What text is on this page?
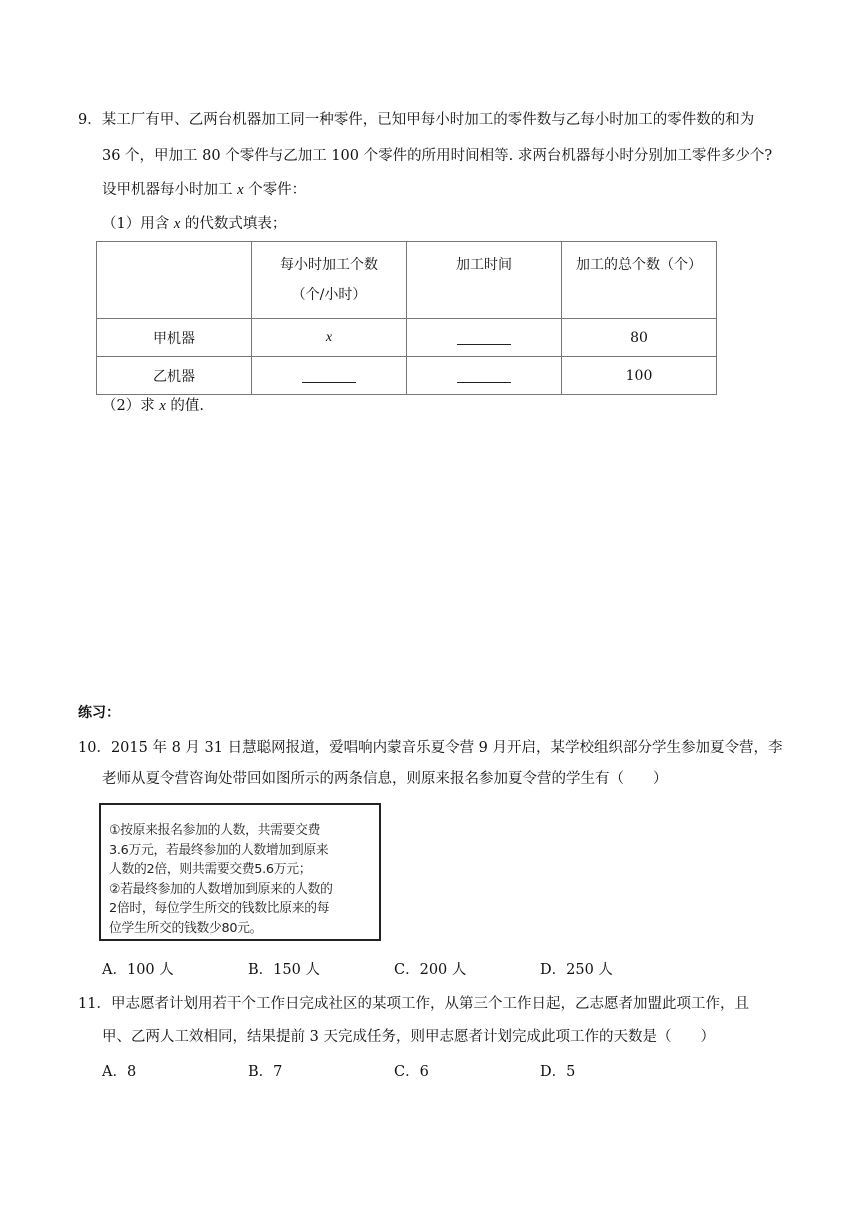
9．某工厂有甲、乙两台机器加工同一种零件，已知甲每小时加工的零件数与乙每小时加工的零件数的和为
36 个，甲加工 80 个零件与乙加工 100 个零件的所用时间相等. 求两台机器每小时分别加工零件多少个?
设甲机器每小时加工 x 个零件：
（1）用含 x 的代数式填表；

	每小时加工个数
（个/小时）	加工时间	加工的总个数（个）
甲机器	x		80
乙机器			100
（2）求 x 的值.
练习：
10．2015 年 8 月 31 日慧聪网报道，爱唱响内蒙音乐夏令营 9 月开启，某学校组织部分学生参加夏令营，李
老师从夏令营咨询处带回如图所示的两条信息，则原来报名参加夏令营的学生有（　　）
①按原来报名参加的人数，共需要交费
3.6万元，若最终参加的人数增加到原来
人数的2倍，则共需要交费5.6万元；
②若最终参加的人数增加到原来的人数的
2倍时，每位学生所交的钱数比原来的每
位学生所交的钱数少80元。
A．100 人	B．150 人	C．200 人	D．250 人
11．甲志愿者计划用若干个工作日完成社区的某项工作，从第三个工作日起，乙志愿者加盟此项工作，且
甲、乙两人工效相同，结果提前 3 天完成任务，则甲志愿者计划完成此项工作的天数是（　　）
A．8	B．7	C．6	D．5
